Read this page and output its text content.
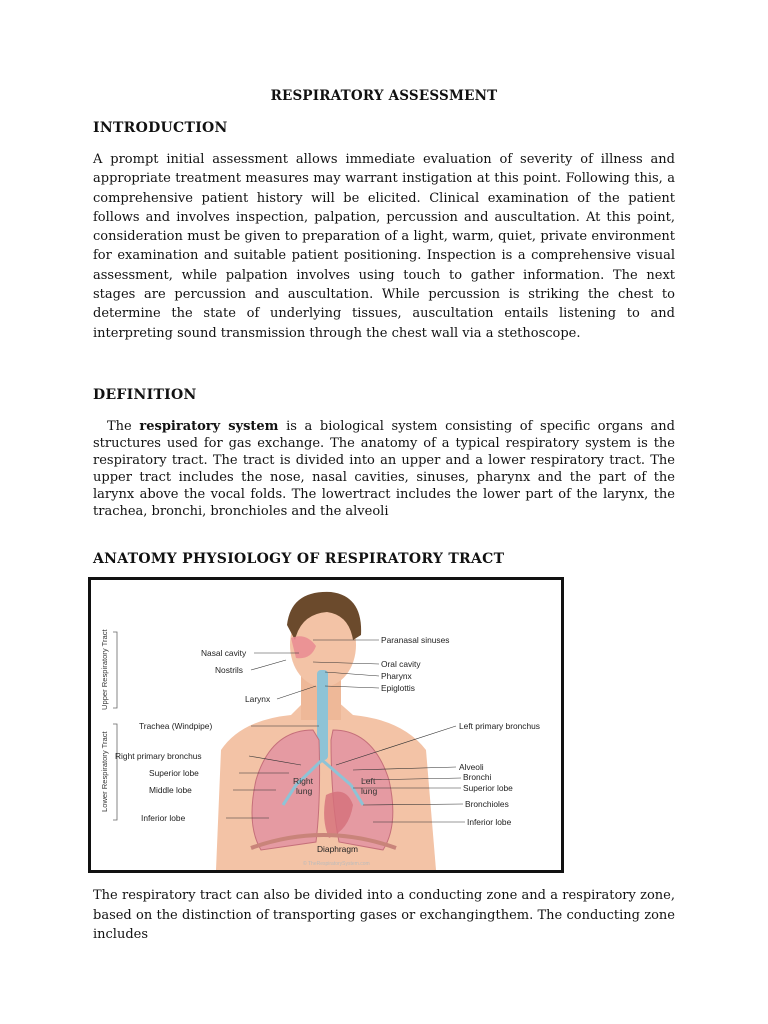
RESPIRATORY ASSESSMENT
INTRODUCTION

A prompt initial assessment allows immediate evaluation of severity of illness and appropriate treatment measures may warrant instigation at this point. Following this, a comprehensive patient history will be elicited. Clinical examination of the patient follows and involves inspection, palpation, percussion and auscultation. At this point, consideration must be given to preparation of a light, warm, quiet, private environment for examination and suitable patient positioning. Inspection is a comprehensive visual assessment, while palpation involves using touch to gather information. The next stages are percussion and auscultation. While percussion is striking the chest to determine the state of underlying tissues, auscultation entails listening to and interpreting sound transmission through the chest wall via a stethoscope.

DEFINITION

The respiratory system is a biological system consisting of specific organs and structures used for gas exchange. The anatomy of a typical respiratory system is the respiratory tract. The tract is divided into an upper and a lower respiratory tract. The upper tract includes the nose, nasal cavities, sinuses, pharynx and the part of the larynx above the vocal folds. The lowertract includes the lower part of the larynx, the trachea, bronchi, bronchioles and the alveoli

ANATOMY PHYSIOLOGY OF RESPIRATORY TRACT
Upper Respiratory Tract
Lower Respiratory Tract
Nasal cavity
Nostrils
Larynx
Trachea (Windpipe)
Right primary bronchus
Superior lobe
Middle lobe
Inferior lobe
Paranasal sinuses
Oral cavity
Pharynx
Epiglottis
Left primary bronchus
Alveoli
Bronchi
Superior lobe
Bronchioles
Inferior lobe
Right
lung
Left
lung
Diaphragm
© TheRespiratorySystem.com

The respiratory tract can also be divided into a conducting zone and a respiratory zone, based on the distinction of transporting gases or exchangingthem. The conducting zone includes
